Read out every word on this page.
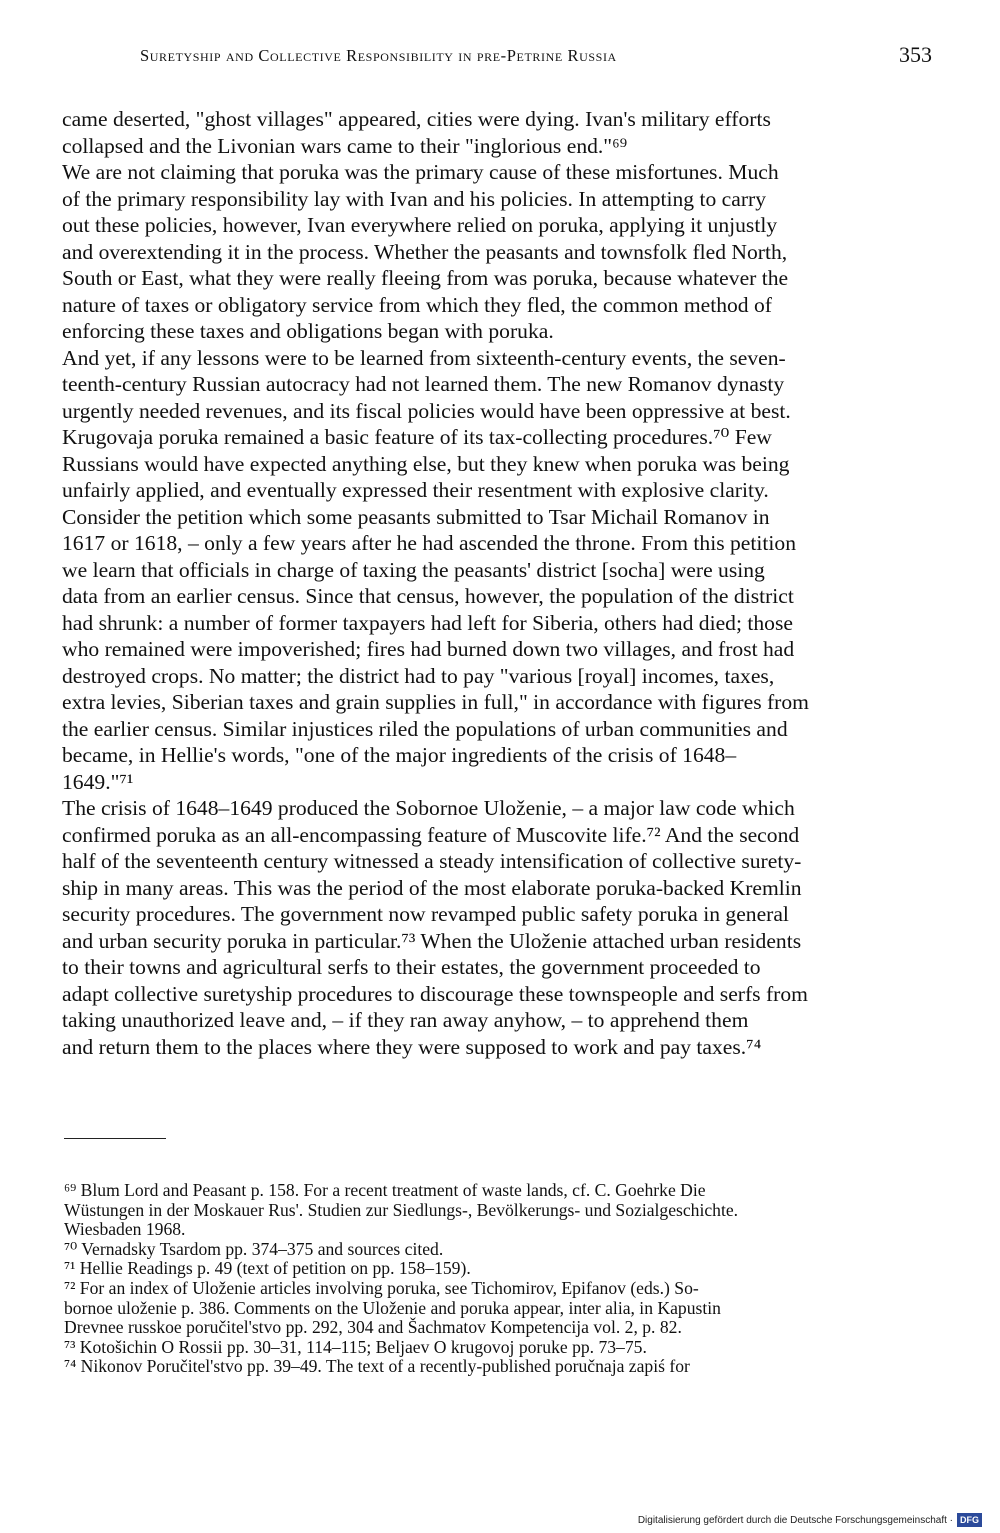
Suretyship and Collective Responsibility in pre-Petrine Russia	353

came deserted, "ghost villages" appeared, cities were dying. Ivan's military efforts
collapsed and the Livonian wars came to their "inglorious end."⁶⁹

We are not claiming that poruka was the primary cause of these misfortunes. Much
of the primary responsibility lay with Ivan and his policies. In attempting to carry
out these policies, however, Ivan everywhere relied on poruka, applying it unjustly
and overextending it in the process. Whether the peasants and townsfolk fled North,
South or East, what they were really fleeing from was poruka, because whatever the
nature of taxes or obligatory service from which they fled, the common method of
enforcing these taxes and obligations began with poruka.

And yet, if any lessons were to be learned from sixteenth-century events, the seven-
teenth-century Russian autocracy had not learned them. The new Romanov dynasty
urgently needed revenues, and its fiscal policies would have been oppressive at best.
Krugovaja poruka remained a basic feature of its tax-collecting procedures.⁷⁰ Few
Russians would have expected anything else, but they knew when poruka was being
unfairly applied, and eventually expressed their resentment with explosive clarity.

Consider the petition which some peasants submitted to Tsar Michail Romanov in
1617 or 1618, – only a few years after he had ascended the throne. From this petition
we learn that officials in charge of taxing the peasants' district [socha] were using
data from an earlier census. Since that census, however, the population of the district
had shrunk: a number of former taxpayers had left for Siberia, others had died; those
who remained were impoverished; fires had burned down two villages, and frost had
destroyed crops. No matter; the district had to pay "various [royal] incomes, taxes,
extra levies, Siberian taxes and grain supplies in full," in accordance with figures from
the earlier census. Similar injustices riled the populations of urban communities and
became, in Hellie's words, "one of the major ingredients of the crisis of 1648–
1649."⁷¹

The crisis of 1648–1649 produced the Sobornoe Uloženie, – a major law code which
confirmed poruka as an all-encompassing feature of Muscovite life.⁷² And the second
half of the seventeenth century witnessed a steady intensification of collective surety-
ship in many areas. This was the period of the most elaborate poruka-backed Kremlin
security procedures. The government now revamped public safety poruka in general
and urban security poruka in particular.⁷³ When the Uloženie attached urban residents
to their towns and agricultural serfs to their estates, the government proceeded to
adapt collective suretyship procedures to discourage these townspeople and serfs from
taking unauthorized leave and, – if they ran away anyhow, – to apprehend them
and return them to the places where they were supposed to work and pay taxes.⁷⁴

⁶⁹ Blum Lord and Peasant p. 158. For a recent treatment of waste lands, cf. C. Goehrke Die
Wüstungen in der Moskauer Rus'. Studien zur Siedlungs-, Bevölkerungs- und Sozialgeschichte.
Wiesbaden 1968.

⁷⁰ Vernadsky Tsardom pp. 374–375 and sources cited.

⁷¹ Hellie Readings p. 49 (text of petition on pp. 158–159).

⁷² For an index of Uloženie articles involving poruka, see Tichomirov, Epifanov (eds.) So-
bornoe uloženie p. 386. Comments on the Uloženie and poruka appear, inter alia, in Kapustin
Drevnee russkoe poručitel'stvo pp. 292, 304 and Šachmatov Kompetencija vol. 2, p. 82.

⁷³ Kotošichin O Rossii pp. 30–31, 114–115; Beljaev O krugovoj poruke pp. 73–75.

⁷⁴ Nikonov Poručitel'stvo pp. 39–49. The text of a recently-published poručnaja zapiś for

Digitalisierung gefördert durch die Deutsche Forschungsgemeinschaft · DFG
